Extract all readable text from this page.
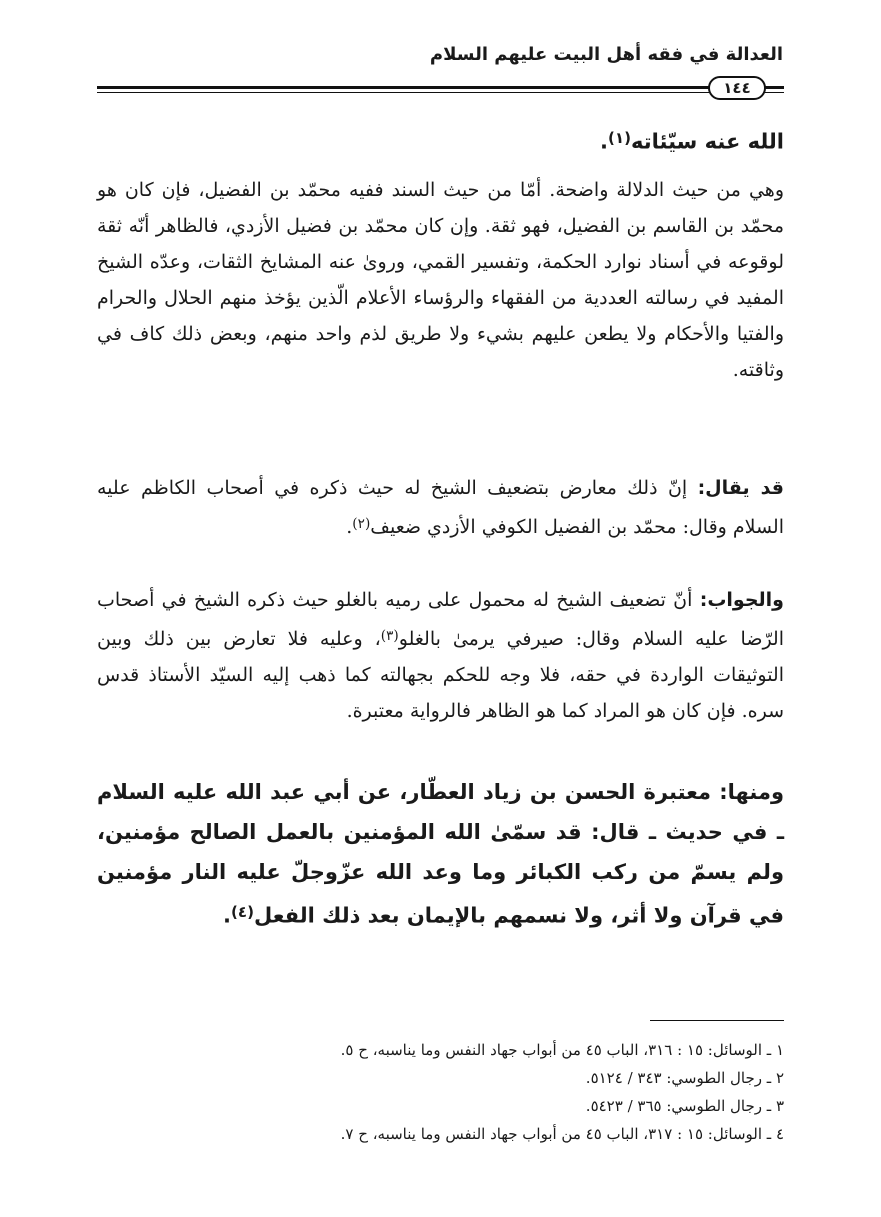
العدالة في فقه أهل البيت عليهم السلام
١٤٤

الله عنه سيّئاته$^{(١)}$.

وهي من حيث الدلالة واضحة. أمّا من حيث السند ففيه محمّد بن الفضيل، فإن كان هو محمّد بن القاسم بن الفضيل، فهو ثقة. وإن كان محمّد بن فضيل الأزدي، فالظاهر أنّه ثقة لوقوعه في أسناد نوارد الحكمة، وتفسير القمي، وروىٰ عنه المشايخ الثقات، وعدّه الشيخ المفيد في رسالته العددية من الفقهاء والرؤساء الأعلام الّذين يؤخذ منهم الحلال والحرام والفتيا والأحكام ولا يطعن عليهم بشيء ولا طريق لذم واحد منهم، وبعض ذلك كاف في وثاقته.

قد يقال: إنّ ذلك معارض بتضعيف الشيخ له حيث ذكره في أصحاب الكاظم عليه السلام وقال: محمّد بن الفضيل الكوفي الأزدي ضعيف$^{(٢)}$.

والجواب: أنّ تضعيف الشيخ له محمول على رميه بالغلو حيث ذكره الشيخ في أصحاب الرّضا عليه السلام وقال: صيرفي يرمىٰ بالغلو$^{(٣)}$، وعليه فلا تعارض بين ذلك وبين التوثيقات الواردة في حقه، فلا وجه للحكم بجهالته كما ذهب إليه السيّد الأستاذ قدس سره. فإن كان هو المراد كما هو الظاهر فالرواية معتبرة.

ومنها: معتبرة الحسن بن زياد العطّار، عن أبي عبد الله عليه السلام ـ في حديث ـ قال: قد سمّىٰ الله المؤمنين بالعمل الصالح مؤمنين، ولم يسمّ من ركب الكبائر وما وعد الله عزّوجلّ عليه النار مؤمنين في قرآن ولا أثر، ولا نسمهم بالإيمان بعد ذلك الفعل$^{(٤)}$.

١ ـ الوسائل: ١٥ : ٣١٦، الباب ٤٥ من أبواب جهاد النفس وما يناسبه، ح ٥.
٢ ـ رجال الطوسي: ٣٤٣ / ٥١٢٤.
٣ ـ رجال الطوسي: ٣٦٥ / ٥٤٢٣.
٤ ـ الوسائل: ١٥ : ٣١٧، الباب ٤٥ من أبواب جهاد النفس وما يناسبه، ح ٧.
